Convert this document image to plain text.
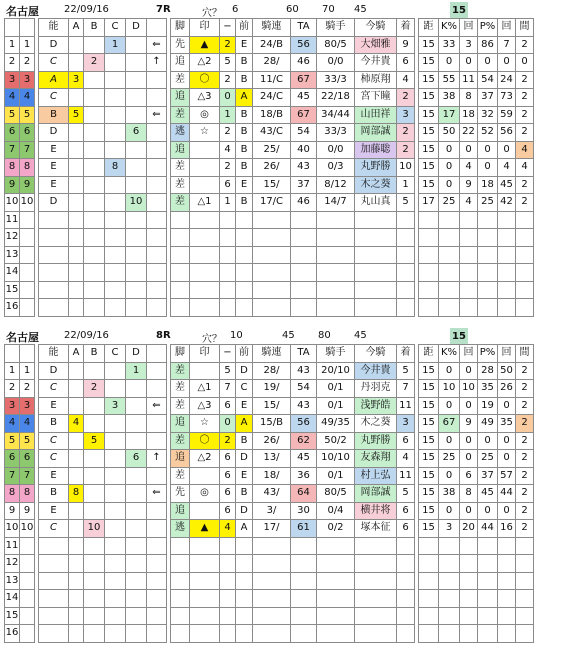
名古屋	22/09/16	7R	穴？ 6	60 70 45	15
			能	A	B	C	D			脚	印	−	前	騎連	TA	騎手	今騎	着		距	K%	回	P%	回	間
1	1		D			1		⇐		先	▲	2	E	24/B	56	80/5	大畑雅	9		15	33	3	86	7	2
2	2		C		2			↑		追	△2	5	B	28/	46	0/0	今井貴	6		15	0	0	0	0	0
3	3		A	3						差	〇	2	B	11/C	67	33/3	柿原翔	4		15	55	11	54	24	2
4	4		C							追	△3	0	A	24/C	45	22/18	宮下瞳	2		15	38	8	37	73	2
5	5		B	5				⇐		差	◎	1	B	18/B	67	34/44	山田祥	3		15	17	18	32	59	2
6	6		D				6			逃	☆	2	B	43/C	54	33/3	岡部誠	2		15	50	22	52	56	2
7	7		E							追		4	B	25/	40	0/0	加藤聡	2		15	0	0	0	0	4
8	8		E			8				差		2	B	26/	43	0/3	丸野勝	10		15	0	4	0	4	4
9	9		E							差		6	E	15/	37	8/12	木之葵	1		15	0	9	18	45	2
10	10		D				10			差	△1	1	B	17/C	46	14/7	丸山真	5		17	25	4	25	42	2
11																									
12																									
13																									
14																									
15																									
16																									
名古屋	22/09/16	8R	穴？ 10	45 80 45	15
			能	A	B	C	D			脚	印	−	前	騎連	TA	騎手	今騎	着		距	K%	回	P%	回	間
1	1		D				1			差		5	D	28/	43	20/10	今井貴	5		15	0	0	28	50	2
2	2		C		2					差	△1	7	C	19/	54	0/1	丹羽克	7		15	10	10	35	26	2
3	3		E			3		⇐		差	△3	6	E	15/	43	0/1	浅野皓	11		15	0	0	19	0	2
4	4		B	4						追	☆	0	A	15/B	56	49/35	木之葵	3		15	67	9	49	35	2
5	5		C		5					差	〇	2	B	26/	62	50/2	丸野勝	6		15	0	0	0	0	2
6	6		C				6	↑		追	△2	6	D	13/	45	10/10	友森翔	4		15	25	0	25	0	2
7	7		E							差		6	E	18/	36	0/1	村上弘	11		15	0	6	37	57	2
8	8		B	8				⇐		先	◎	6	B	43/	64	80/5	岡部誠	5		15	38	8	45	44	2
9	9		E							追		6	D	3/	30	0/4	横井将	6		15	0	0	0	0	2
10	10		C		10					逃	▲	4	A	17/	61	0/2	塚本征	6		15	3	20	44	16	2
11																									
12																									
13																									
14																									
15																									
16																									
